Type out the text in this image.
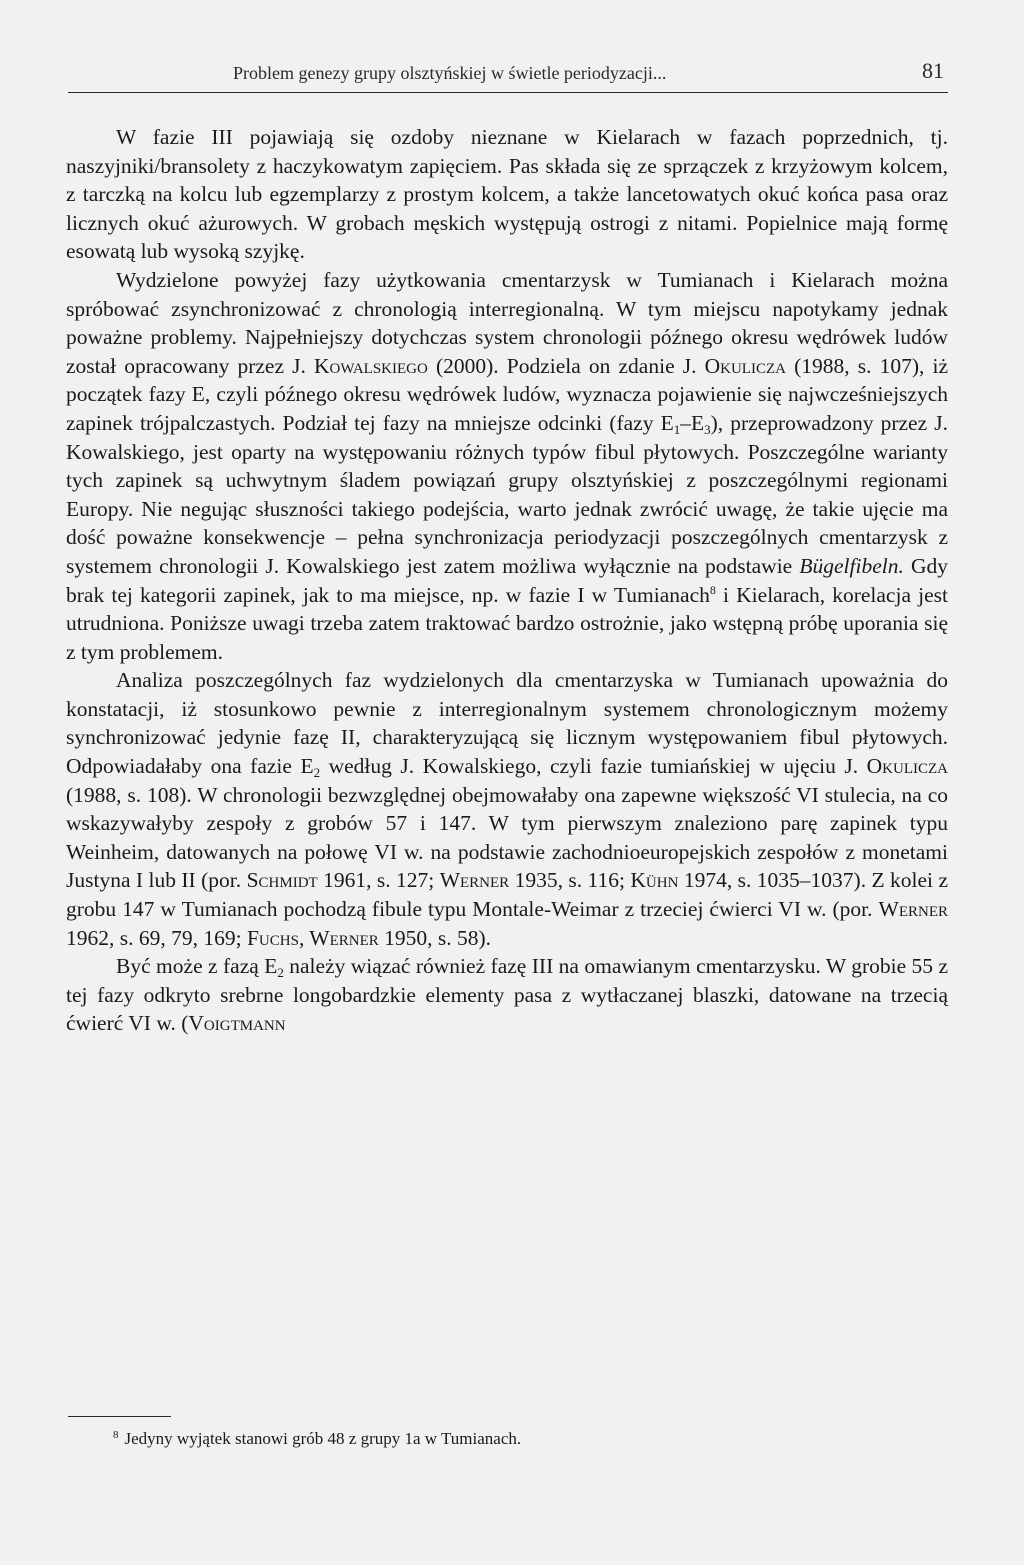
Problem genezy grupy olsztyńskiej w świetle periodyzacji...	81

W fazie III pojawiają się ozdoby nieznane w Kielarach w fazach poprzednich, tj. naszyjniki/bransolety z haczykowatym zapięciem. Pas składa się ze sprzączek z krzyżowym kolcem, z tarczką na kolcu lub egzemplarzy z prostym kolcem, a także lancetowatych okuć końca pasa oraz licznych okuć ażurowych. W grobach męskich występują ostrogi z nitami. Popielnice mają formę esowatą lub wysoką szyjkę.

Wydzielone powyżej fazy użytkowania cmentarzysk w Tumianach i Kielarach można spróbować zsynchronizować z chronologią interregionalną. W tym miejscu napotykamy jednak poważne problemy. Najpełniejszy dotychczas system chronologii późnego okresu wędrówek ludów został opracowany przez J. Kowalskiego (2000). Podziela on zdanie J. Okulicza (1988, s. 107), iż początek fazy E, czyli późnego okresu wędrówek ludów, wyznacza pojawienie się najwcześniejszych zapinek trójpalczastych. Podział tej fazy na mniejsze odcinki (fazy $E_1-E_3$), przeprowadzony przez J. Kowalskiego, jest oparty na występowaniu różnych typów fibul płytowych. Poszczególne warianty tych zapinek są uchwytnym śladem powiązań grupy olsztyńskiej z poszczególnymi regionami Europy. Nie negując słuszności takiego podejścia, warto jednak zwrócić uwagę, że takie ujęcie ma dość poważne konsekwencje – pełna synchronizacja periodyzacji poszczególnych cmentarzysk z systemem chronologii J. Kowalskiego jest zatem możliwa wyłącznie na podstawie Bügelfibeln. Gdy brak tej kategorii zapinek, jak to ma miejsce, np. w fazie I w Tumianach$^8$ i Kielarach, korelacja jest utrudniona. Poniższe uwagi trzeba zatem traktować bardzo ostrożnie, jako wstępną próbę uporania się z tym problemem.

Analiza poszczególnych faz wydzielonych dla cmentarzyska w Tumianach upoważnia do konstatacji, iż stosunkowo pewnie z interregionalnym systemem chronologicznym możemy synchronizować jedynie fazę II, charakteryzującą się licznym występowaniem fibul płytowych. Odpowiadałaby ona fazie $E_2$ według J. Kowalskiego, czyli fazie tumiańskiej w ujęciu J. Okulicza (1988, s. 108). W chronologii bezwzględnej obejmowałaby ona zapewne większość VI stulecia, na co wskazywałyby zespoły z grobów 57 i 147. W tym pierwszym znaleziono parę zapinek typu Weinheim, datowanych na połowę VI w. na podstawie zachodnioeuropejskich zespołów z monetami Justyna I lub II (por. Schmidt 1961, s. 127; Werner 1935, s. 116; Kühn 1974, s. 1035–1037). Z kolei z grobu 147 w Tumianach pochodzą fibule typu Montale-Weimar z trzeciej ćwierci VI w. (por. Werner 1962, s. 69, 79, 169; Fuchs, Werner 1950, s. 58).

Być może z fazą $E_2$ należy wiązać również fazę III na omawianym cmentarzysku. W grobie 55 z tej fazy odkryto srebrne longobardzkie elementy pasa z wytłaczanej blaszki, datowane na trzecią ćwierć VI w. (Voigtmann

$^8$ Jedyny wyjątek stanowi grób 48 z grupy 1a w Tumianach.
